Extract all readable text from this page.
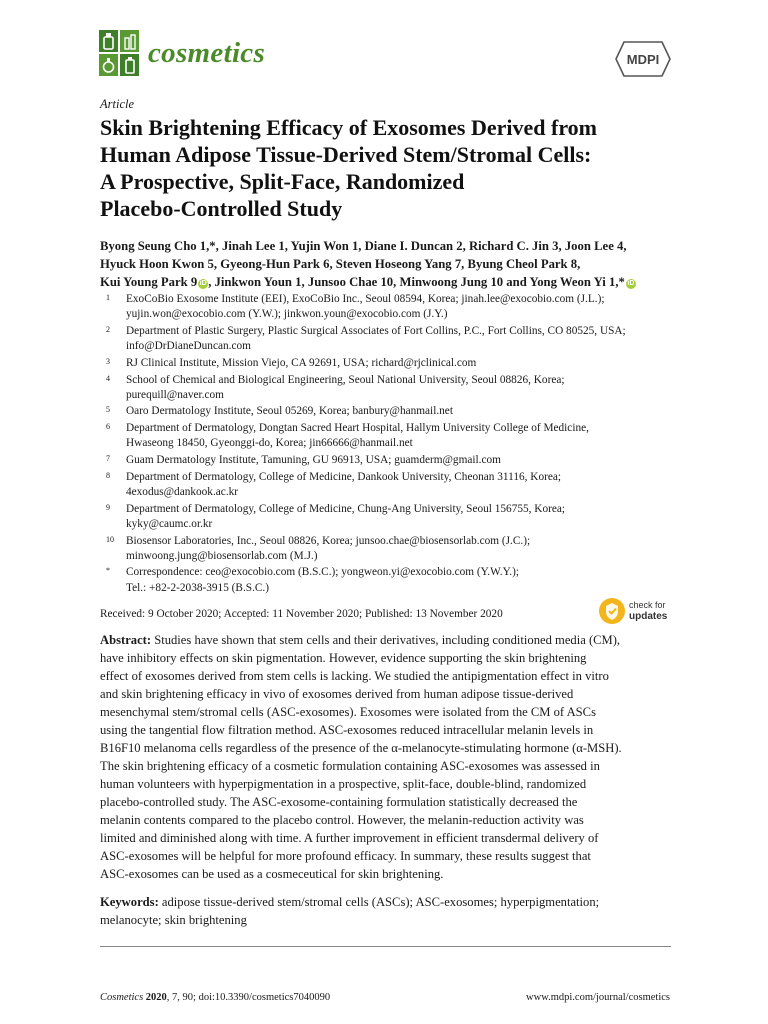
cosmetics	MDPI
Article
Skin Brightening Efficacy of Exosomes Derived from
Human Adipose Tissue-Derived Stem/Stromal Cells:
A Prospective, Split-Face, Randomized
Placebo-Controlled Study
Byong Seung Cho 1,*, Jinah Lee 1, Yujin Won 1, Diane I. Duncan 2, Richard C. Jin 3, Joon Lee 4,
Hyuck Hoon Kwon 5, Gyeong-Hun Park 6, Steven Hoseong Yang 7, Byung Cheol Park 8,
Kui Young Park 9 iD , Jinkwon Youn 1, Junsoo Chae 10, Minwoong Jung 10 and Yong Weon Yi 1,* iD
1 ExoCoBio Exosome Institute (EEI), ExoCoBio Inc., Seoul 08594, Korea; jinah.lee@exocobio.com (J.L.);
yujin.won@exocobio.com (Y.W.); jinkwon.youn@exocobio.com (J.Y.)
2 Department of Plastic Surgery, Plastic Surgical Associates of Fort Collins, P.C., Fort Collins, CO 80525, USA;
info@DrDianeDuncan.com
3 RJ Clinical Institute, Mission Viejo, CA 92691, USA; richard@rjclinical.com
4 School of Chemical and Biological Engineering, Seoul National University, Seoul 08826, Korea;
purequill@naver.com
5 Oaro Dermatology Institute, Seoul 05269, Korea; banbury@hanmail.net
6 Department of Dermatology, Dongtan Sacred Heart Hospital, Hallym University College of Medicine,
Hwaseong 18450, Gyeonggi-do, Korea; jin66666@hanmail.net
7 Guam Dermatology Institute, Tamuning, GU 96913, USA; guamderm@gmail.com
8 Department of Dermatology, College of Medicine, Dankook University, Cheonan 31116, Korea;
4exodus@dankook.ac.kr
9 Department of Dermatology, College of Medicine, Chung-Ang University, Seoul 156755, Korea;
kyky@caumc.or.kr
10 Biosensor Laboratories, Inc., Seoul 08826, Korea; junsoo.chae@biosensorlab.com (J.C.);
minwoong.jung@biosensorlab.com (M.J.)
* Correspondence: ceo@exocobio.com (B.S.C.); yongweon.yi@exocobio.com (Y.W.Y.);
Tel.: +82-2-2038-3915 (B.S.C.)
Received: 9 October 2020; Accepted: 11 November 2020; Published: 13 November 2020
check for
updates
Abstract: Studies have shown that stem cells and their derivatives, including conditioned media (CM),
have inhibitory effects on skin pigmentation. However, evidence supporting the skin brightening
effect of exosomes derived from stem cells is lacking. We studied the antipigmentation effect in vitro
and skin brightening efficacy in vivo of exosomes derived from human adipose tissue-derived
mesenchymal stem/stromal cells (ASC-exosomes). Exosomes were isolated from the CM of ASCs
using the tangential flow filtration method. ASC-exosomes reduced intracellular melanin levels in
B16F10 melanoma cells regardless of the presence of the α-melanocyte-stimulating hormone (α-MSH).
The skin brightening efficacy of a cosmetic formulation containing ASC-exosomes was assessed in
human volunteers with hyperpigmentation in a prospective, split-face, double-blind, randomized
placebo-controlled study. The ASC-exosome-containing formulation statistically decreased the
melanin contents compared to the placebo control. However, the melanin-reduction activity was
limited and diminished along with time. A further improvement in efficient transdermal delivery of
ASC-exosomes will be helpful for more profound efficacy. In summary, these results suggest that
ASC-exosomes can be used as a cosmeceutical for skin brightening.
Keywords: adipose tissue-derived stem/stromal cells (ASCs); ASC-exosomes; hyperpigmentation;
melanocyte; skin brightening
Cosmetics 2020, 7, 90; doi:10.3390/cosmetics7040090	www.mdpi.com/journal/cosmetics
